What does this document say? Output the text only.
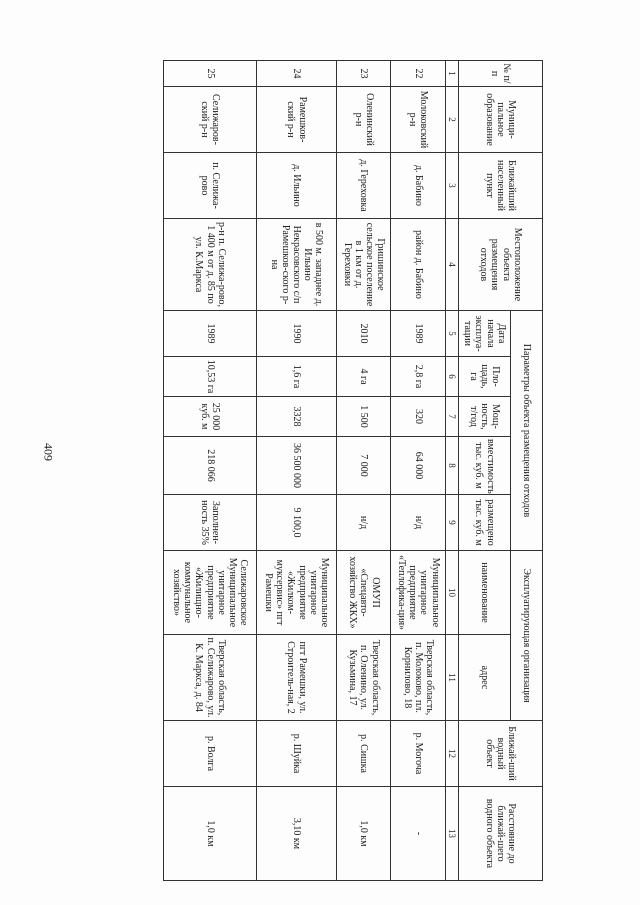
409
№ п/п	Муници-пальное образование	Ближайший населенный пункт	Местоположение объекта размещения отходов	Параметры объекта размещения отходов					Эксплуатирующая организация		Ближай-ший водный объект	Расстояние до ближай-шего водного объекта
				Дата начала эксплуа-тации	Пло-щадь, га	Мощ-ность, т/год	вместимость тыс. куб. м	размещено тыс. куб. м	наименование	адрес		
1	2	3	4	5	6	7	8	9	10	11	12	13
22	Молоковский р-н	д. Бабино	район д. Бабино	1989	2,8 га	320	64 000	н/д	Муниципальное унитарное предприятие «Теплофика-ция»	Тверская область, п. Молоково, пл. Корнилово, 18	р. Могоча	-
23	Оленинский р-н	д. Гереховка	Гришинское сельское поселение в 1 км от д. Гереховки	2010	4 га	1 500	7 000	н/д	ОМУП «Спецавто-хозяйство ЖКХ»	Тверская область, п. Оленино, ул. Кузьмина, 17	р. Сишка	1,0 км
24	Рамешков-ский р-н	д. Ильино	в 500 м. западнее д. Ильино Некрасовского с/п Рамешков-ского р-на	1990	1,6 га	3328	36 500 000	9 100,0	Муниципальное унитарное предприятие «Жилком-муксервис» пгт Рамешки	пгт Рамешки, ул. Строитель-ная, 2	р. Шуйка	3,10 км
25	Селижаров-ский р-н	п. Селижа-рово	р-н п. Селижа-рово, 1 400 м от д. 85 по ул. К.Маркса	1989	10,53 га	25 000 куб. м	218 066	Заполнен-ность 35%	Селижаровское Муниципальное унитарное предприятие «Жилищно-коммунальное хозяйство»	Тверская область, п. Селижарово, ул. К. Маркса, д. 84	р. Волга	1,0 км
